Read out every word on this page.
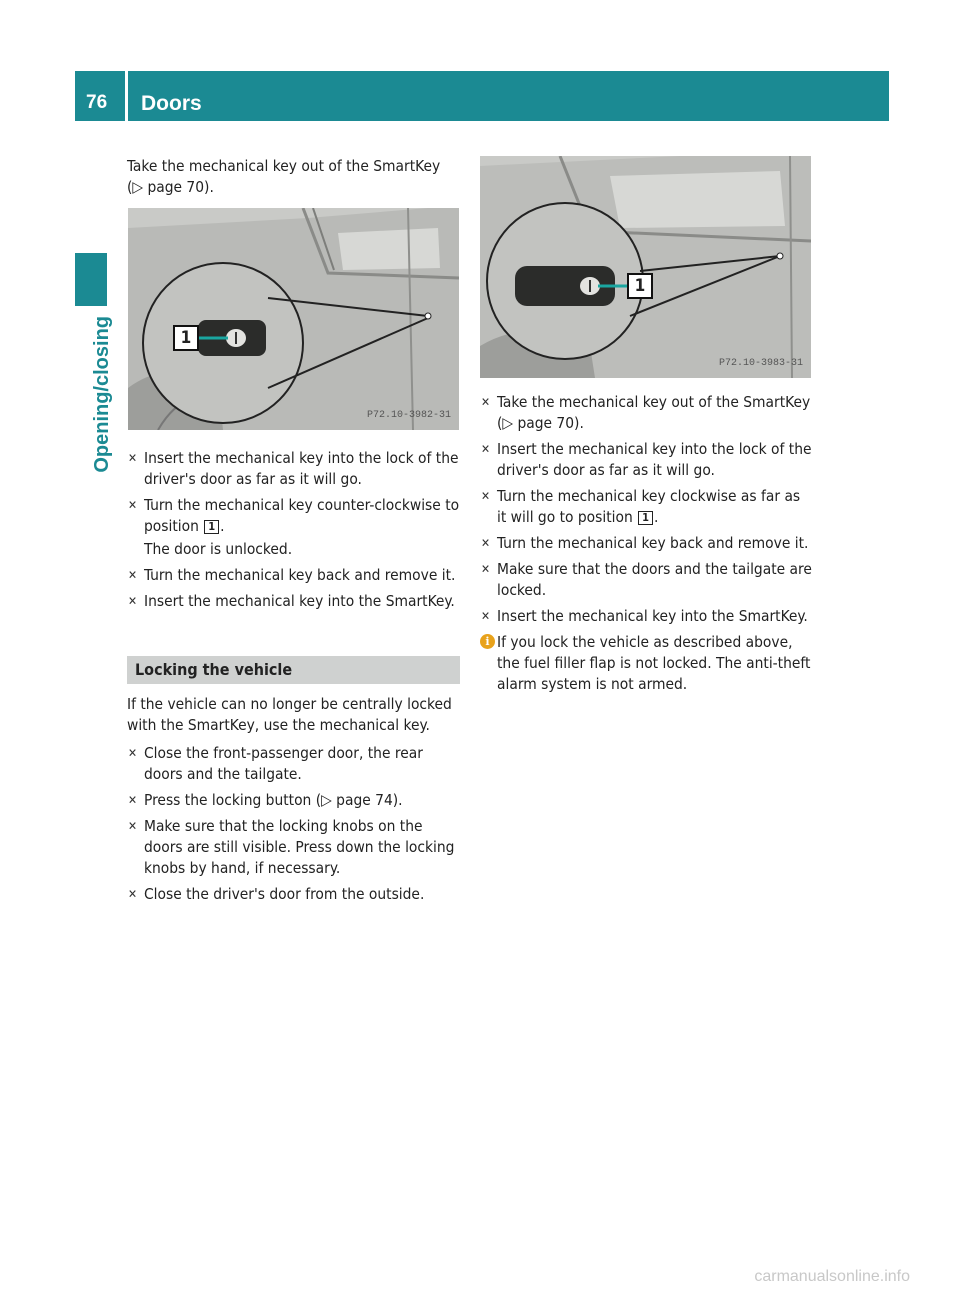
76 Doors
Opening/closing

Take the mechanical key out of the SmartKey (▷ page 70).

1
P72.10-3982-31
✕ Insert the mechanical key into the lock of the driver's door as far as it will go.
✕ Turn the mechanical key counter-clockwise to position 1 .
The door is unlocked.
✕ Turn the mechanical key back and remove it.
✕ Insert the mechanical key into the SmartKey.
Locking the vehicle

If the vehicle can no longer be centrally locked with the SmartKey, use the mechanical key.

✕ Close the front-passenger door, the rear doors and the tailgate.
✕ Press the locking button (▷ page 74).
✕ Make sure that the locking knobs on the doors are still visible. Press down the locking knobs by hand, if necessary.
✕ Close the driver's door from the outside.
1
P72.10-3983-31
✕ Take the mechanical key out of the SmartKey (▷ page 70).
✕ Insert the mechanical key into the lock of the driver's door as far as it will go.
✕ Turn the mechanical key clockwise as far as it will go to position 1 .
✕ Turn the mechanical key back and remove it.
✕ Make sure that the doors and the tailgate are locked.
✕ Insert the mechanical key into the SmartKey.
i If you lock the vehicle as described above, the fuel filler flap is not locked. The anti-theft alarm system is not armed.
carmanualsonline.info
